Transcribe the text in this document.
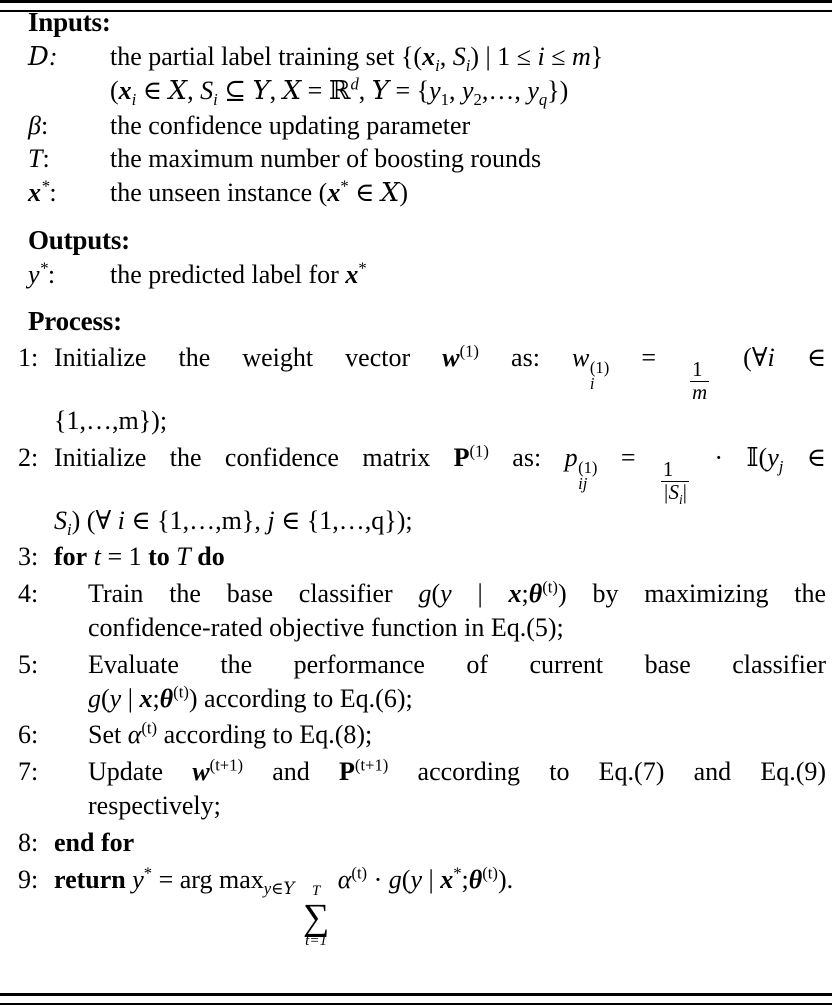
Inputs:
D:	the partial label training set {($x_i$, $S_i$) | 1 ≤ i ≤ m}
($x_i$ ∈ X, $S_i$ ⊆ Y, X = ℝ$^d$, $Y = \{y_1$, $y_2,\dots$, $y_q$})
β:	the confidence updating parameter
T:	the maximum number of boosting rounds
x*:	the unseen instance (x* ∈ X)
Outputs:
y*:	the predicted label for x*
Process:
1: Initialize the weight vector $w^{(1)}$ as: w (1)
i
=
$\frac{1}{m}$
(∀i ∈
{1,…,m});
2: Initialize the confidence matrix $P^{(1)}$ as: p (1)
ij
=
$\frac{1}{|S_i|}$
· $𝕀(y_j$ ∈
$S_i$) (∀ i ∈ {1,…,m}, j ∈ {1,…,q});
3: for t = 1 to T do
4:	Train the base classifier g(y | $x;\theta^{(t)}$) by maximizing the
confidence-rated objective function in Eq.(5);
5:	Evaluate the performance of current base classifier
g(y | $x;\theta^{(t)}$) according to Eq.(6);
6:	Set $\alpha^{(t)}$ according to Eq.(8);
7:	Update $w^{(t+1)}$ and $P^{(t+1)}$ according to Eq.(7) and Eq.(9)
respectively;
8: end for
9: return y* = arg $\max_{y\in Y} T$
∑
t=1
$\alpha^{(t)} \cdot g(y$ | $x^*;\theta^{(t)}$).
